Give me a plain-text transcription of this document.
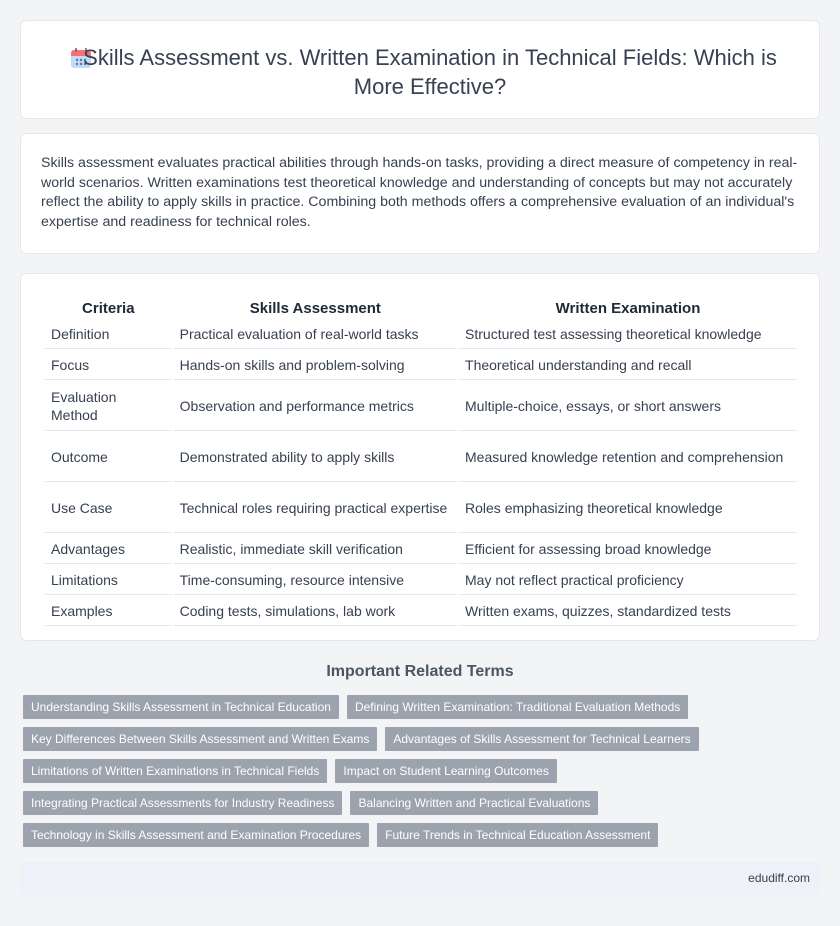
Skills Assessment vs. Written Examination in Technical Fields: Which is More Effective?

Skills assessment evaluates practical abilities through hands-on tasks, providing a direct measure of competency in real-world scenarios. Written examinations test theoretical knowledge and understanding of concepts but may not accurately reflect the ability to apply skills in practice. Combining both methods offers a comprehensive evaluation of an individual's expertise and readiness for technical roles.

Criteria	Skills Assessment	Written Examination
Definition	Practical evaluation of real-world tasks	Structured test assessing theoretical knowledge
Focus	Hands-on skills and problem-solving	Theoretical understanding and recall
Evaluation Method	Observation and performance metrics	Multiple-choice, essays, or short answers
Outcome	Demonstrated ability to apply skills	Measured knowledge retention and comprehension
Use Case	Technical roles requiring practical expertise	Roles emphasizing theoretical knowledge
Advantages	Realistic, immediate skill verification	Efficient for assessing broad knowledge
Limitations	Time-consuming, resource intensive	May not reflect practical proficiency
Examples	Coding tests, simulations, lab work	Written exams, quizzes, standardized tests
Important Related Terms
Understanding Skills Assessment in Technical Education	Defining Written Examination: Traditional Evaluation Methods
Key Differences Between Skills Assessment and Written Exams	Advantages of Skills Assessment for Technical Learners
Limitations of Written Examinations in Technical Fields	Impact on Student Learning Outcomes
Integrating Practical Assessments for Industry Readiness	Balancing Written and Practical Evaluations
Technology in Skills Assessment and Examination Procedures	Future Trends in Technical Education Assessment
edudiff.com
